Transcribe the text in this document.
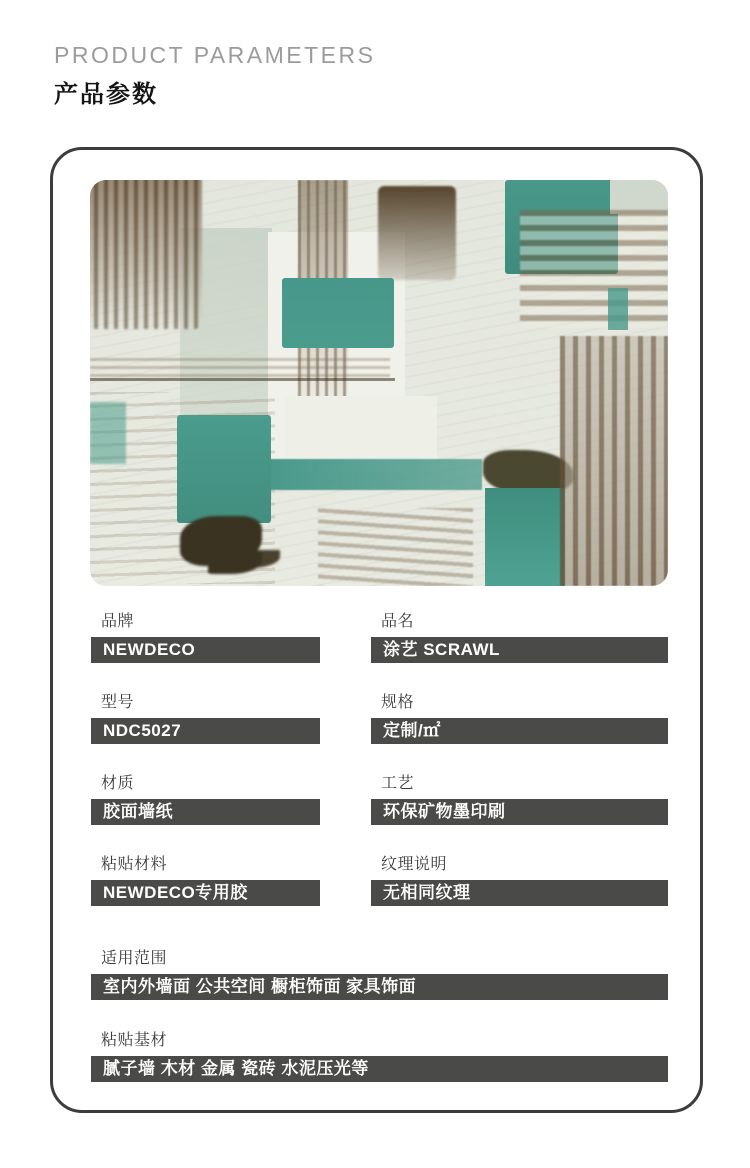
PRODUCT PARAMETERS
产品参数
品牌
NEWDECO
品名
涂艺 SCRAWL
型号
NDC5027
规格
定制/㎡
材质
胶面墙纸
工艺
环保矿物墨印刷
粘贴材料
NEWDECO专用胶
纹理说明
无相同纹理
适用范围
室内外墙面 公共空间 橱柜饰面 家具饰面
粘贴基材
腻子墙 木材 金属 瓷砖 水泥压光等
